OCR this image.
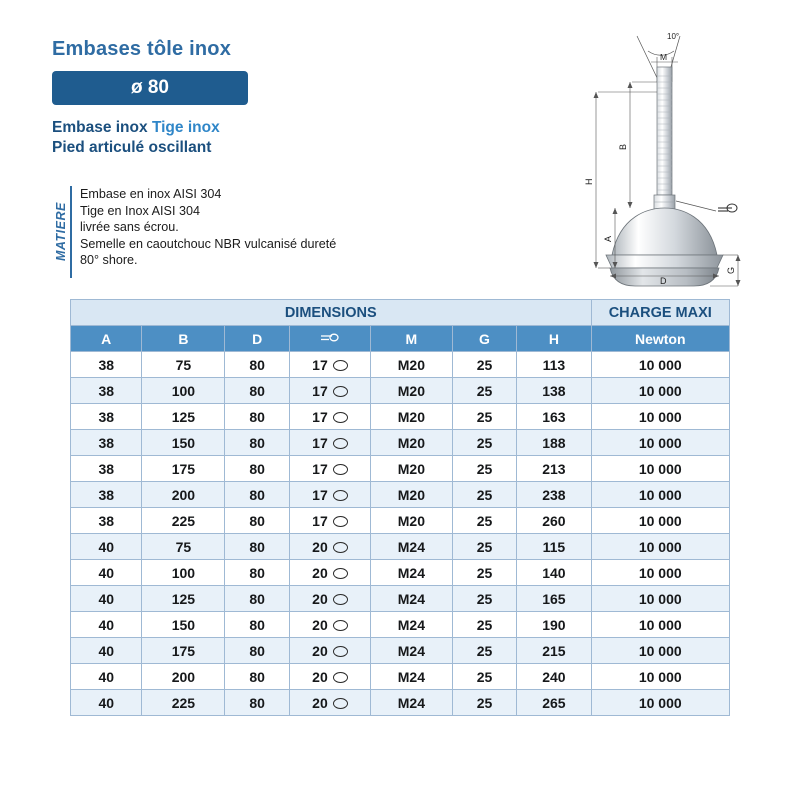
Embases tôle inox
ø 80
Embase inox Tige inox
Pied articulé oscillant
MATIERE
Embase en inox AISI 304
Tige en Inox AISI 304
livrée sans écrou.
Semelle en caoutchouc NBR vulcanisé dureté
80° shore.
10°
M
B
H
A
G
D
DIMENSIONS							CHARGE MAXI
A	B	D		M	G	H	Newton
38	75	80	17	M20	25	113	10 000
38	100	80	17	M20	25	138	10 000
38	125	80	17	M20	25	163	10 000
38	150	80	17	M20	25	188	10 000
38	175	80	17	M20	25	213	10 000
38	200	80	17	M20	25	238	10 000
38	225	80	17	M20	25	260	10 000
40	75	80	20	M24	25	115	10 000
40	100	80	20	M24	25	140	10 000
40	125	80	20	M24	25	165	10 000
40	150	80	20	M24	25	190	10 000
40	175	80	20	M24	25	215	10 000
40	200	80	20	M24	25	240	10 000
40	225	80	20	M24	25	265	10 000
